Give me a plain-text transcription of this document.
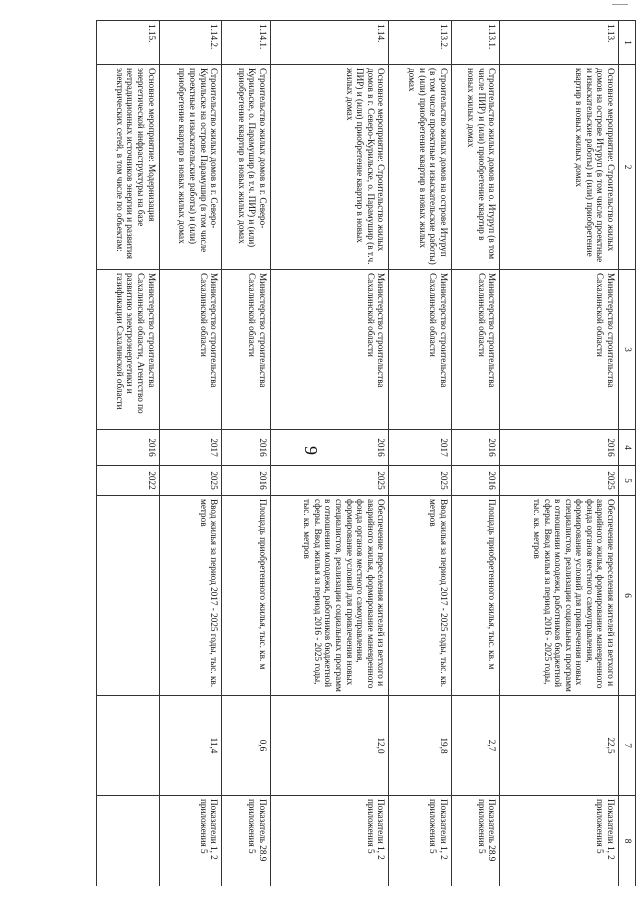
9
1	2	3	4	5	6	7	8
1.13.	Основное мероприятие: Строительство жилых домов на острове Итуруп (в том числе проектные и изыскательские работы) и (или) приобретение квартир в новых жилых домах	Министерство строительства Сахалинской области	2016	2025	Обеспечение переселения жителей из ветхого и аварийного жилья, формирование маневренного фонда органов местного самоуправления, формирование условий для привлечения новых специалистов, реализации социальных программ в отношении молодежи, работников бюджетной сферы. Ввод жилья за период 2016 - 2025 годы, тыс. кв. метров	22,5	Показатели 1, 2 приложения 5
1.13.1.	Строительство жилых домов на о. Итуруп (в том числе ПИР) и (или) приобретение квартир в новых жилых домах	Министерство строительства Сахалинской области	2016	2016	Площадь приобретенного жилья, тыс. кв. м	2,7	Показатель 28.9 приложения 5
1.13.2.	Строительство жилых домов на острове Итуруп (в том числе проектные и изыскательские работы) и (или) приобретение квартир в новых жилых домах	Министерство строительства Сахалинской области	2017	2025	Ввод жилья за период 2017 - 2025 годы, тыс. кв. метров	19,8	Показатели 1, 2 приложения 5
1.14.	Основное мероприятие: Строительство жилых домов в г. Северо-Курильске, о. Парамушир (в т.ч. ПИР) и (или) приобретение квартир в новых жилых домах	Министерство строительства Сахалинской области	2016	2025	Обеспечение переселения жителей из ветхого и аварийного жилья, формирование маневренного фонда органов местного самоуправления, формирование условий для привлечения новых специалистов, реализации социальных программ в отношении молодежи, работников бюджетной сферы. Ввод жилья за период 2016 - 2025 годы, тыс. кв. метров	12,0	Показатели 1, 2 приложения 5
1.14.1.	Строительство жилых домов в г. Северо-Курильске, о. Парамушир (в т.ч. ПИР) и (или) приобретение квартир в новых жилых домах	Министерство строительства Сахалинской области	2016	2016	Площадь приобретенного жилья, тыс. кв. м	0,6	Показатель 28.9 приложения 5
1.14.2.	Строительство жилых домов в г. Северо-Курильске на острове Парамушир (в том числе проектные и изыскательские работы) и (или) приобретение квартир в новых жилых домах	Министерство строительства Сахалинской области	2017	2025	Ввод жилья за период 2017 - 2025 годы, тыс. кв. метров	11,4	Показатели 1, 2 приложения 5
1.15.	Основное мероприятие: Модернизация энергетической инфраструктуры на базе нетрадиционных источников энергии и развития электрических сетей, в том числе по объектам:	Министерство строительства Сахалинской области, Агентство по развитию электроэнергетики и газификации Сахалинской области	2016	2022			
